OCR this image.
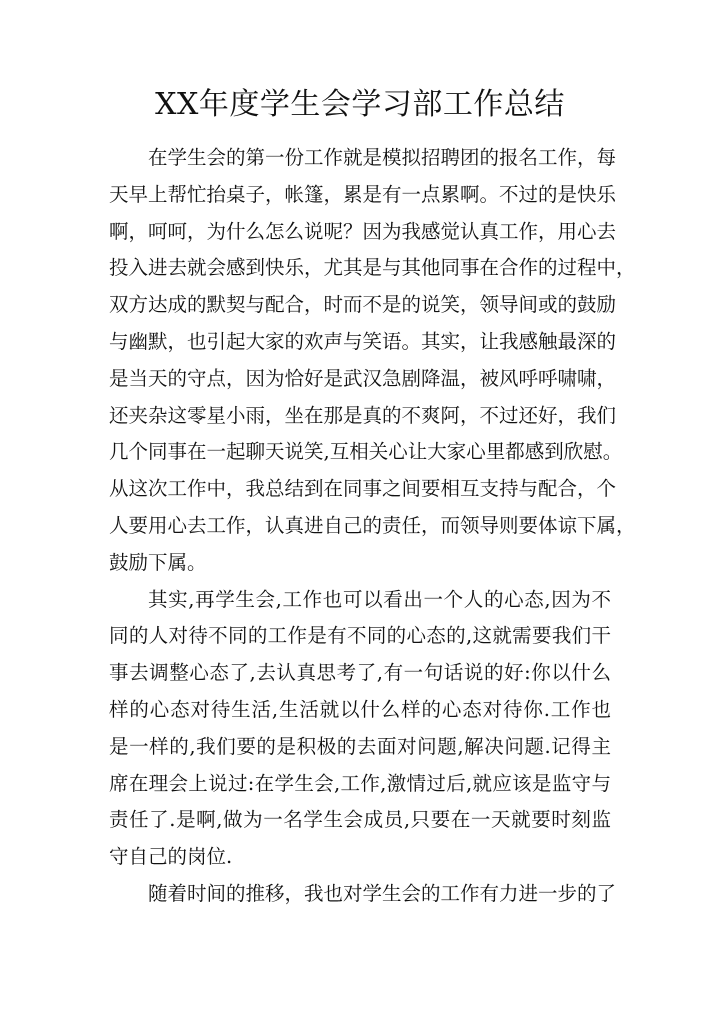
XX年度学生会学习部工作总结

在学生会的第一份工作就是模拟招聘团的报名工作，每
天早上帮忙抬桌子，帐篷，累是有一点累啊。不过的是快乐
啊，呵呵，为什么怎么说呢？因为我感觉认真工作，用心去
投入进去就会感到快乐，尤其是与其他同事在合作的过程中，
双方达成的默契与配合，时而不是的说笑，领导间或的鼓励
与幽默，也引起大家的欢声与笑语。其实，让我感触最深的
是当天的守点，因为恰好是武汉急剧降温，被风呼呼啸啸，
还夹杂这零星小雨，坐在那是真的不爽阿，不过还好，我们
几个同事在一起聊天说笑,互相关心让大家心里都感到欣慰。
从这次工作中，我总结到在同事之间要相互支持与配合，个
人要用心去工作，认真进自己的责任，而领导则要体谅下属，
鼓励下属。

其实,再学生会,工作也可以看出一个人的心态,因为不
同的人对待不同的工作是有不同的心态的,这就需要我们干
事去调整心态了,去认真思考了,有一句话说的好:你以什么
样的心态对待生活,生活就以什么样的心态对待你.工作也
是一样的,我们要的是积极的去面对问题,解决问题.记得主
席在理会上说过:在学生会,工作,激情过后,就应该是监守与
责任了.是啊,做为一名学生会成员,只要在一天就要时刻监
守自己的岗位.

随着时间的推移，我也对学生会的工作有力进一步的了
